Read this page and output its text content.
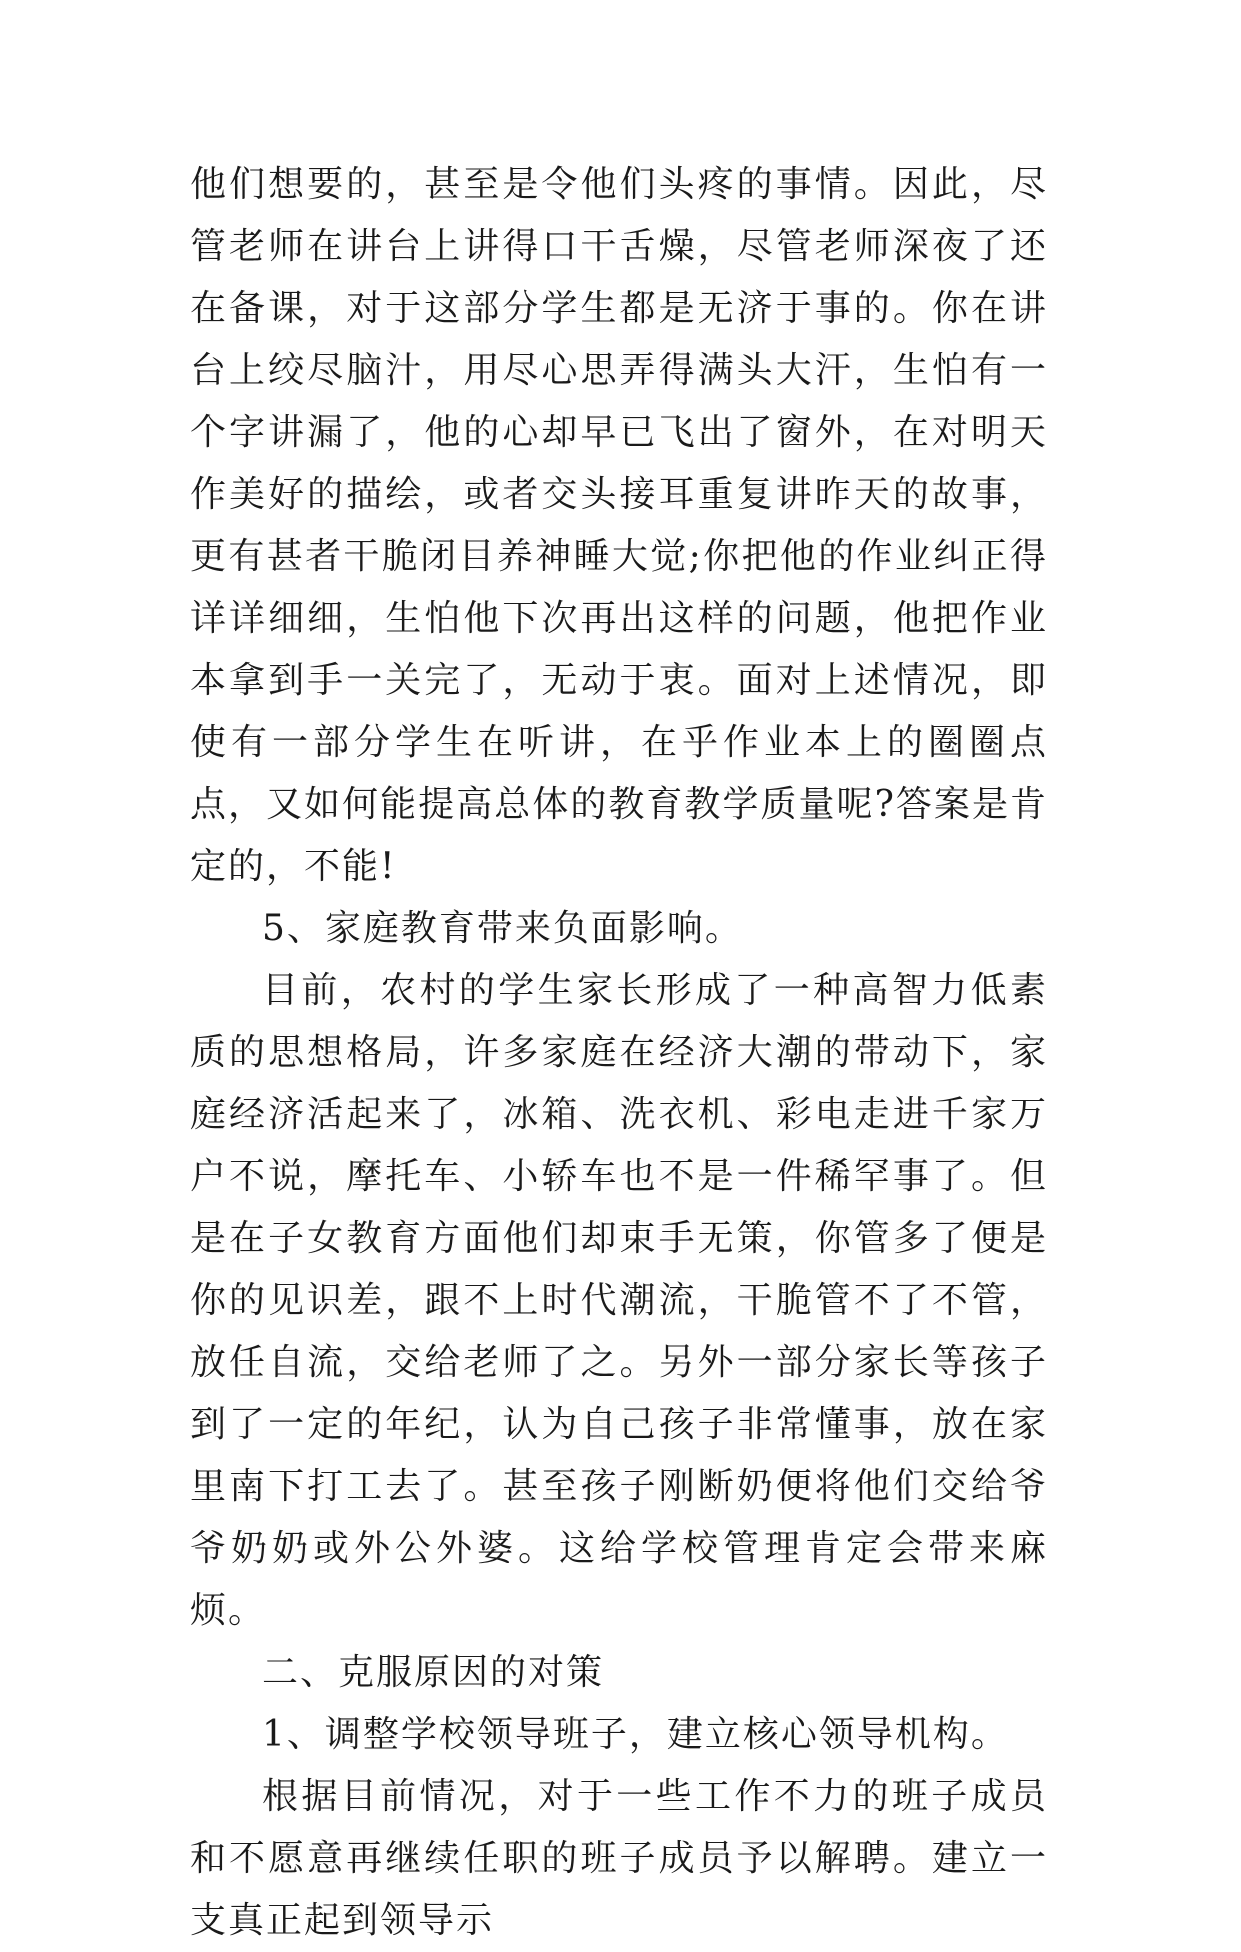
他们想要的，甚至是令他们头疼的事情。因此，尽管老师在讲台上讲得口干舌燥，尽管老师深夜了还在备课，对于这部分学生都是无济于事的。你在讲台上绞尽脑汁，用尽心思弄得满头大汗，生怕有一个字讲漏了，他的心却早已飞出了窗外，在对明天作美好的描绘，或者交头接耳重复讲昨天的故事，更有甚者干脆闭目养神睡大觉;你把他的作业纠正得详详细细，生怕他下次再出这样的问题，他把作业本拿到手一关完了，无动于衷。面对上述情况，即使有一部分学生在听讲，在乎作业本上的圈圈点点，又如何能提高总体的教育教学质量呢?答案是肯定的，不能!

5、家庭教育带来负面影响。

目前，农村的学生家长形成了一种高智力低素质的思想格局，许多家庭在经济大潮的带动下，家庭经济活起来了，冰箱、洗衣机、彩电走进千家万户不说，摩托车、小轿车也不是一件稀罕事了。但是在子女教育方面他们却束手无策，你管多了便是你的见识差，跟不上时代潮流，干脆管不了不管，放任自流，交给老师了之。另外一部分家长等孩子到了一定的年纪，认为自己孩子非常懂事，放在家里南下打工去了。甚至孩子刚断奶便将他们交给爷爷奶奶或外公外婆。这给学校管理肯定会带来麻烦。

二、克服原因的对策

1、调整学校领导班子，建立核心领导机构。

根据目前情况，对于一些工作不力的班子成员和不愿意再继续任职的班子成员予以解聘。建立一支真正起到领导示
